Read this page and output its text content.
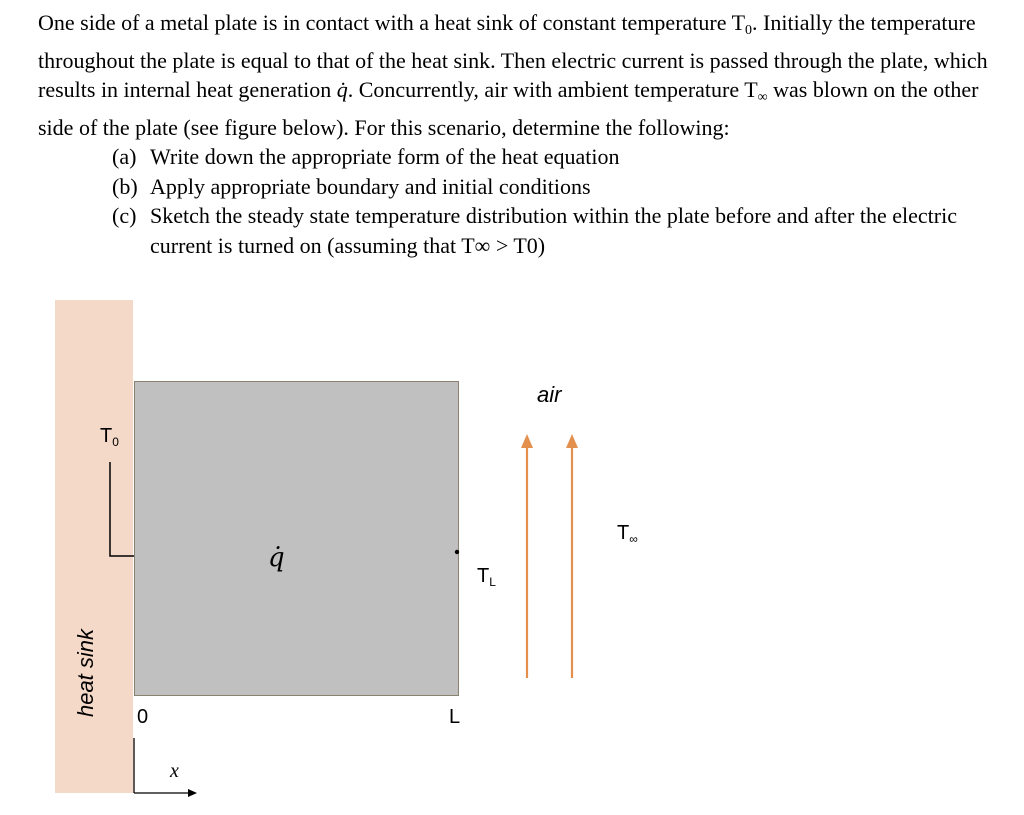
One side of a metal plate is in contact with a heat sink of constant temperature $T_0$. Initially the temperature throughout the plate is equal to that of the heat sink. Then electric current is passed through the plate, which results in internal heat generation q̇. Concurrently, air with ambient temperature $T_\infty$ was blown on the other side of the plate (see figure below). For this scenario, determine the following:

(a) Write down the appropriate form of the heat equation
(b) Apply appropriate boundary and initial conditions
(c) Sketch the steady state temperature distribution within the plate before and after the electric current is turned on (assuming that T∞ > T0)
$T_0$
$T_L$
$T_\infty$
air
q̇
0	L
x
heat sink
